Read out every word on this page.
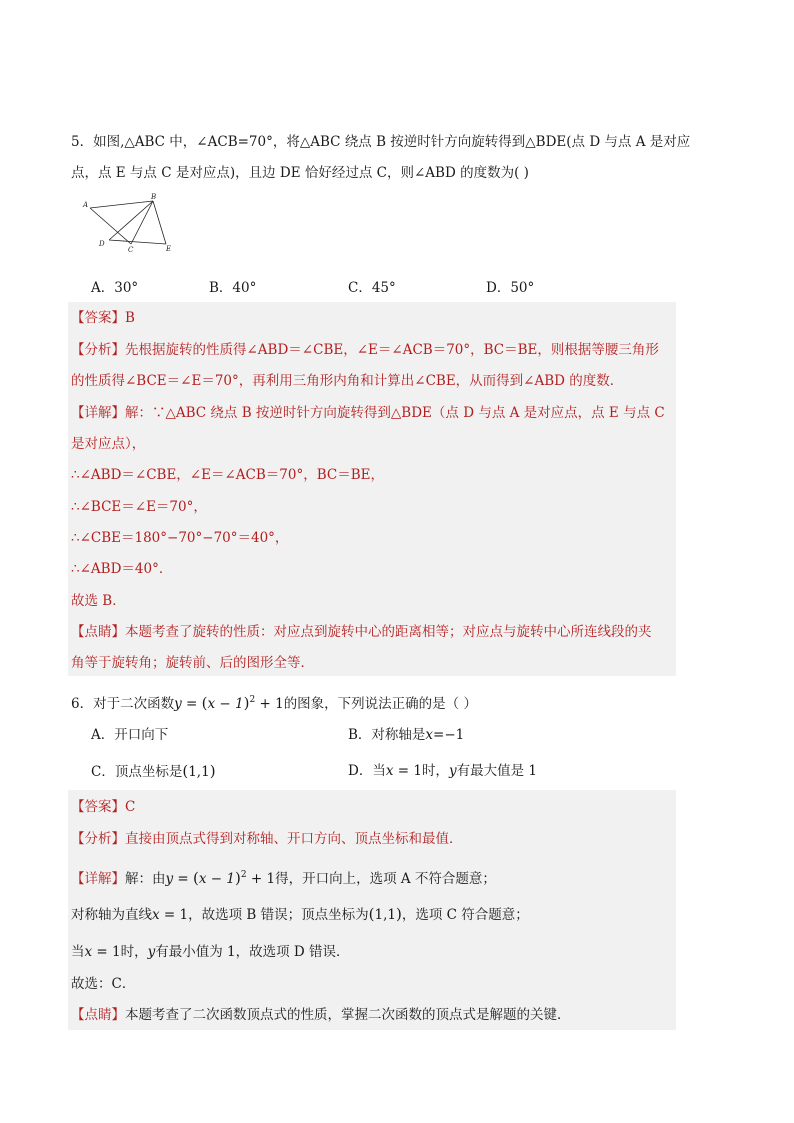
5．如图,△ABC 中，∠ACB=70°，将△ABC 绕点 B 按逆时针方向旋转得到△BDE(点 D 与点 A 是对应
点，点 E 与点 C 是对应点)，且边 DE 恰好经过点 C，则∠ABD 的度数为( )
A
B
C
D
E
A．30°	B．40°	C．45°	D．50°
【答案】B
【分析】先根据旋转的性质得∠ABD＝∠CBE，∠E＝∠ACB＝70°，BC＝BE，则根据等腰三角形
的性质得∠BCE＝∠E＝70°，再利用三角形内角和计算出∠CBE，从而得到∠ABD 的度数．
【详解】解：∵△ABC 绕点 B 按逆时针方向旋转得到△BDE（点 D 与点 A 是对应点，点 E 与点 C
是对应点），
∴∠ABD＝∠CBE，∠E＝∠ACB＝70°，BC＝BE，
∴∠BCE＝∠E＝70°，
∴∠CBE＝180°−70°−70°＝40°，
∴∠ABD＝40°．
故选 B．
【点睛】本题考查了旋转的性质：对应点到旋转中心的距离相等；对应点与旋转中心所连线段的夹
角等于旋转角；旋转前、后的图形全等．
6．对于二次函数$y = (x - 1)^2 + 1$的图象，下列说法正确的是（ ）
A．开口向下	B．对称轴是x=−1
C．顶点坐标是(1,1)	D．当x = 1时，y有最大值是 1
【答案】C
【分析】直接由顶点式得到对称轴、开口方向、顶点坐标和最值．
【详解】解：由$y = (x - 1)^2 + 1$得，开口向上，选项 A 不符合题意；
对称轴为直线x = 1，故选项 B 错误；顶点坐标为(1,1)，选项 C 符合题意；
当x = 1时，y有最小值为 1，故选项 D 错误．
故选：C．
【点睛】本题考查了二次函数顶点式的性质，掌握二次函数的顶点式是解题的关键．
